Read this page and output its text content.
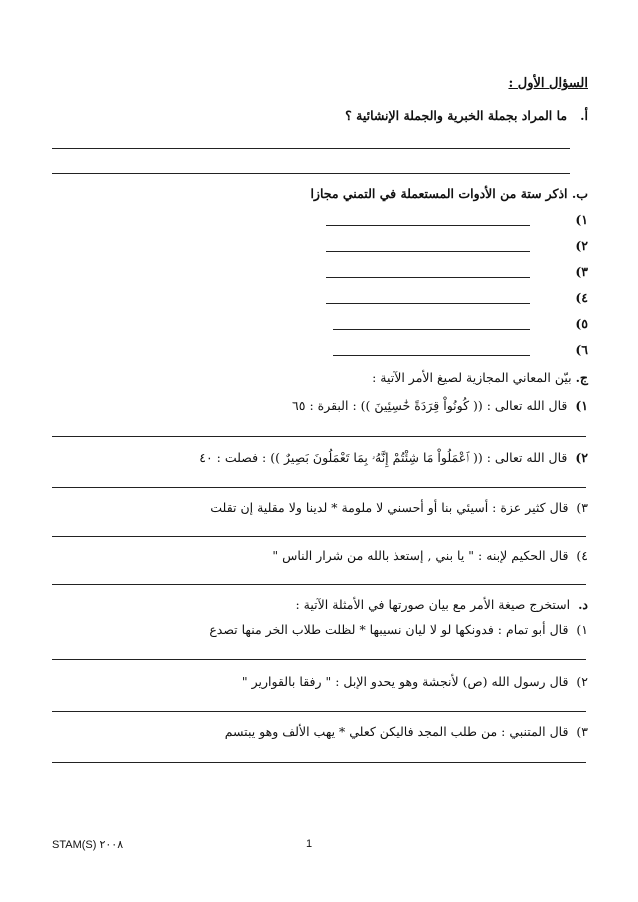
السؤال الأول :
أ.   ما المراد بجملة الخبرية والجملة الإنشائية ؟
ب. اذكر ستة من الأدوات المستعملة في التمني مجازا
١)
٢)
٣)
٤)
٥)
٦)
ج. بيّن المعاني المجازية لصيغ الأمر الآتية :
١)  قال الله تعالى : (( كُونُواْ قِرَدَةً خَٰسِئِينَ )) : البقرة : ٦٥
٢)  قال الله تعالى : (( ٱعْمَلُواْ مَا شِئْتُمْ إِنَّهُۥ بِمَا تَعْمَلُونَ بَصِيرٌ )) : فصلت : ٤٠
٣)  قال كثير عزة : أسيئي بنا أو أحسني لا ملومة * لدينا ولا مقلية إن تقلت
٤)  قال الحكيم لإبنه : " يا بني , إستعذ بالله من شرار الناس "
د.  استخرج صيغة الأمر مع بيان صورتها في الأمثلة الآتية :
١)  قال أبو تمام : فدونكها لو لا ليان نسيبها * لظلت طلاب الخر منها تصدع
٢)  قال رسول الله (ص) لأنجشة وهو يحدو الإبل : " رفقا بالقوارير "
٣)  قال المتنبي : من طلب المجد فاليكن كعلي * يهب الألف وهو يبتسم
STAM(S) ٢٠٠٨	1
